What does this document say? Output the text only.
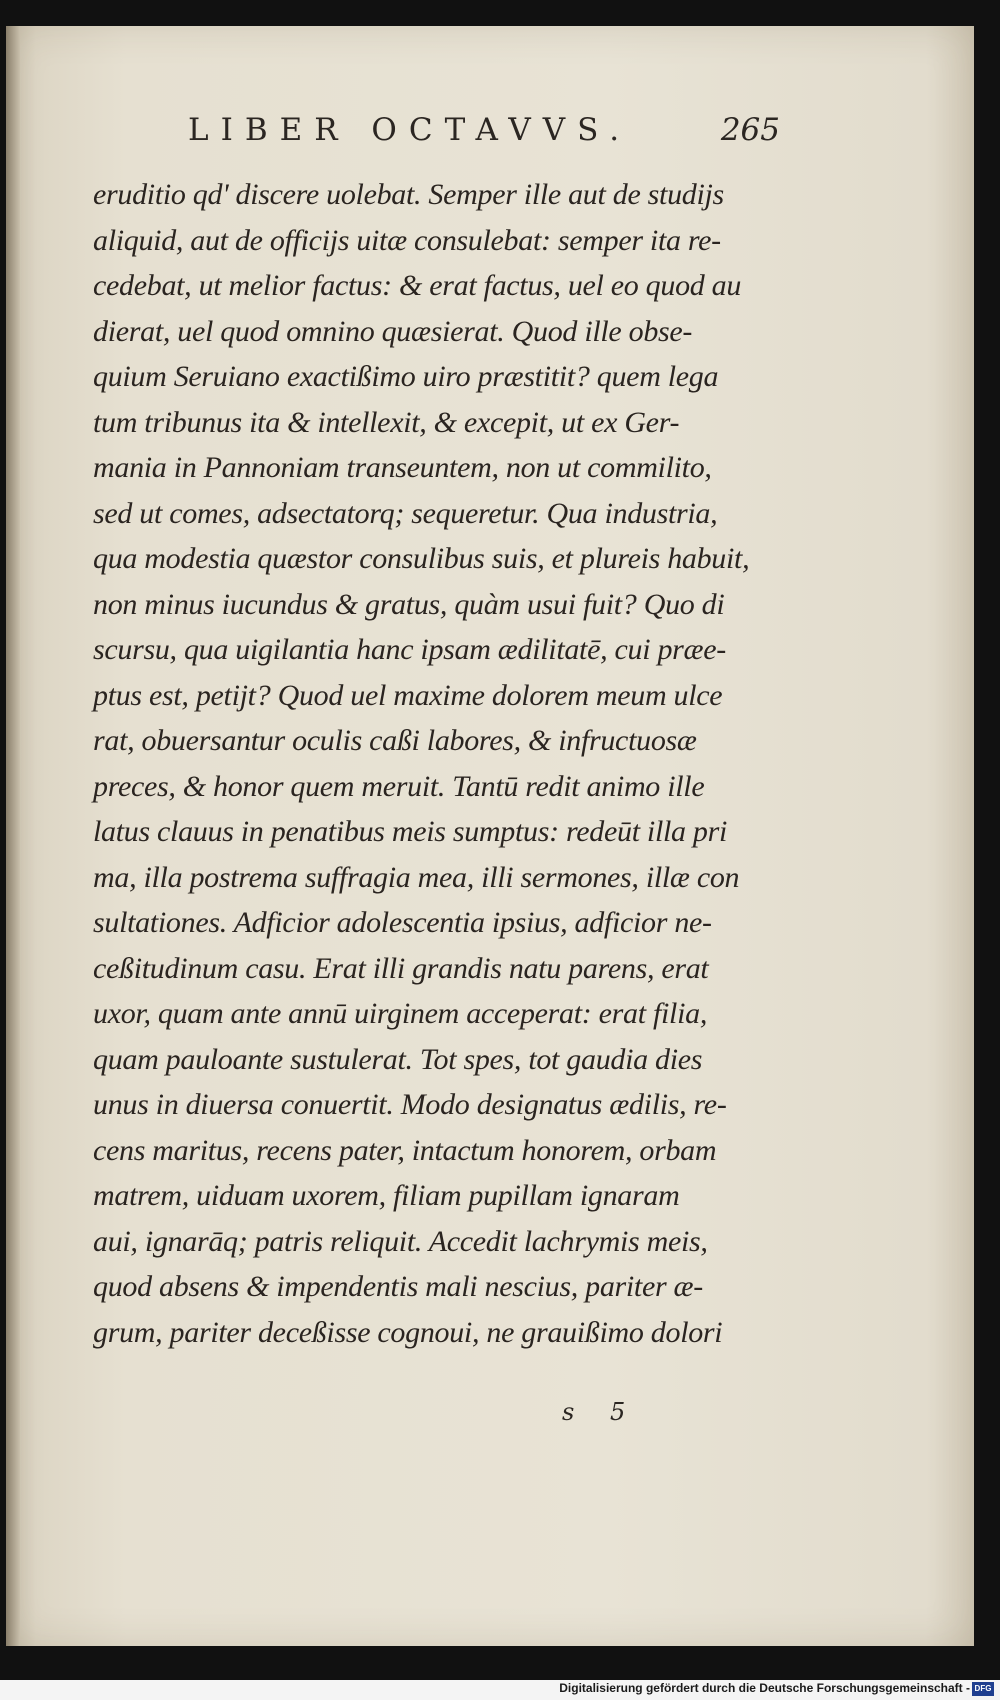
LIBER OCTAVVS.	265
eruditio qd' discere uolebat. Semper ille aut de studijs
aliquid, aut de officijs uitæ consulebat: semper ita re-
cedebat, ut melior factus: & erat factus, uel eo quod au
dierat, uel quod omnino quæsierat. Quod ille obse-
quium Seruiano exactißimo uiro præstitit? quem lega
tum tribunus ita & intellexit, & excepit, ut ex Ger-
mania in Pannoniam transeuntem, non ut commilito,
sed ut comes, adsectatorq; sequeretur. Qua industria,
qua modestia quæstor consulibus suis, et plureis habuit,
non minus iucundus & gratus, quàm usui fuit? Quo di
scursu, qua uigilantia hanc ipsam ædilitatē, cui præe-
ptus est, petijt? Quod uel maxime dolorem meum ulce
rat, obuersantur oculis caßi labores, & infructuosæ
preces, & honor quem meruit. Tantū redit animo ille
latus clauus in penatibus meis sumptus: redeūt illa pri
ma, illa postrema suffragia mea, illi sermones, illæ con
sultationes. Adficior adolescentia ipsius, adficior ne-
ceßitudinum casu. Erat illi grandis natu parens, erat
uxor, quam ante annū uirginem acceperat: erat filia,
quam pauloante sustulerat. Tot spes, tot gaudia dies
unus in diuersa conuertit. Modo designatus ædilis, re-
cens maritus, recens pater, intactum honorem, orbam
matrem, uiduam uxorem, filiam pupillam ignaram
aui, ignarāq; patris reliquit. Accedit lachrymis meis,
quod absens & impendentis mali nescius, pariter æ-
grum, pariter deceßisse cognoui, ne grauißimo dolori
s 5
Digitalisierung gefördert durch die Deutsche Forschungsgemeinschaft - DFG
